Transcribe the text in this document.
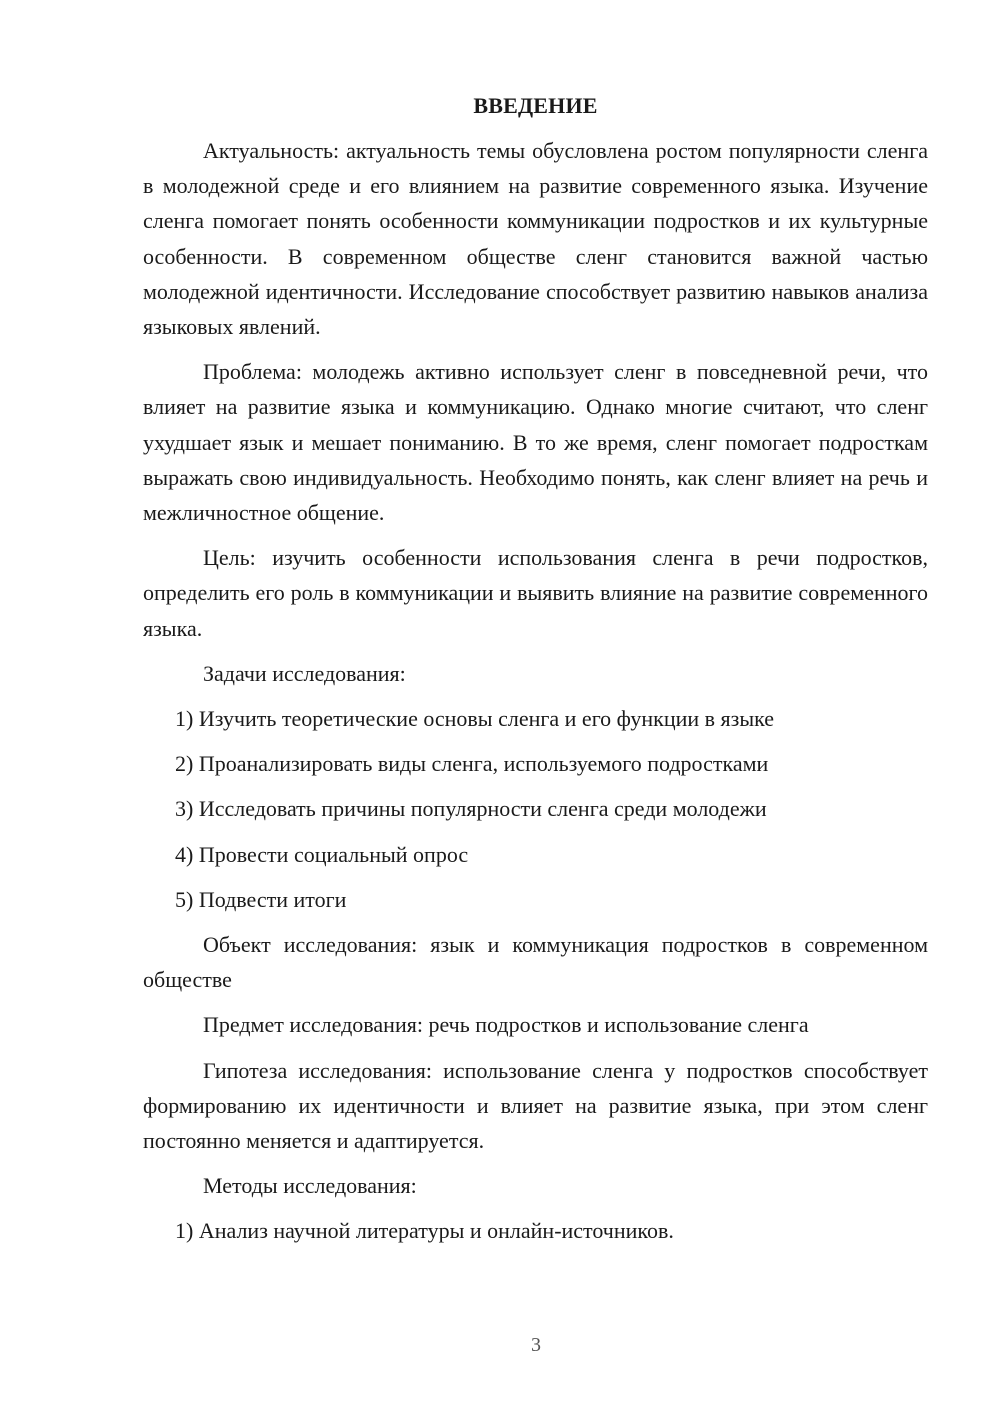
ВВЕДЕНИЕ

Актуальность: актуальность темы обусловлена ростом популярности сленга в молодежной среде и его влиянием на развитие современного языка. Изучение сленга помогает понять особенности коммуникации подростков и их культурные особенности. В современном обществе сленг становится важной частью молодежной идентичности. Исследование способствует развитию навыков анализа языковых явлений.

Проблема: молодежь активно использует сленг в повседневной речи, что влияет на развитие языка и коммуникацию. Однако многие считают, что сленг ухудшает язык и мешает пониманию. В то же время, сленг помогает подросткам выражать свою индивидуальность. Необходимо понять, как сленг влияет на речь и межличностное общение.

Цель: изучить особенности использования сленга в речи подростков, определить его роль в коммуникации и выявить влияние на развитие современного языка.

Задачи исследования:

1) Изучить теоретические основы сленга и его функции в языке

2) Проанализировать виды сленга, используемого подростками

3) Исследовать причины популярности сленга среди молодежи

4) Провести социальный опрос

5) Подвести итоги

Объект исследования: язык и коммуникация подростков в современном обществе

Предмет исследования: речь подростков и использование сленга

Гипотеза исследования: использование сленга у подростков способствует формированию их идентичности и влияет на развитие языка, при этом сленг постоянно меняется и адаптируется.

Методы исследования:

1) Анализ научной литературы и онлайн-источников.

3
